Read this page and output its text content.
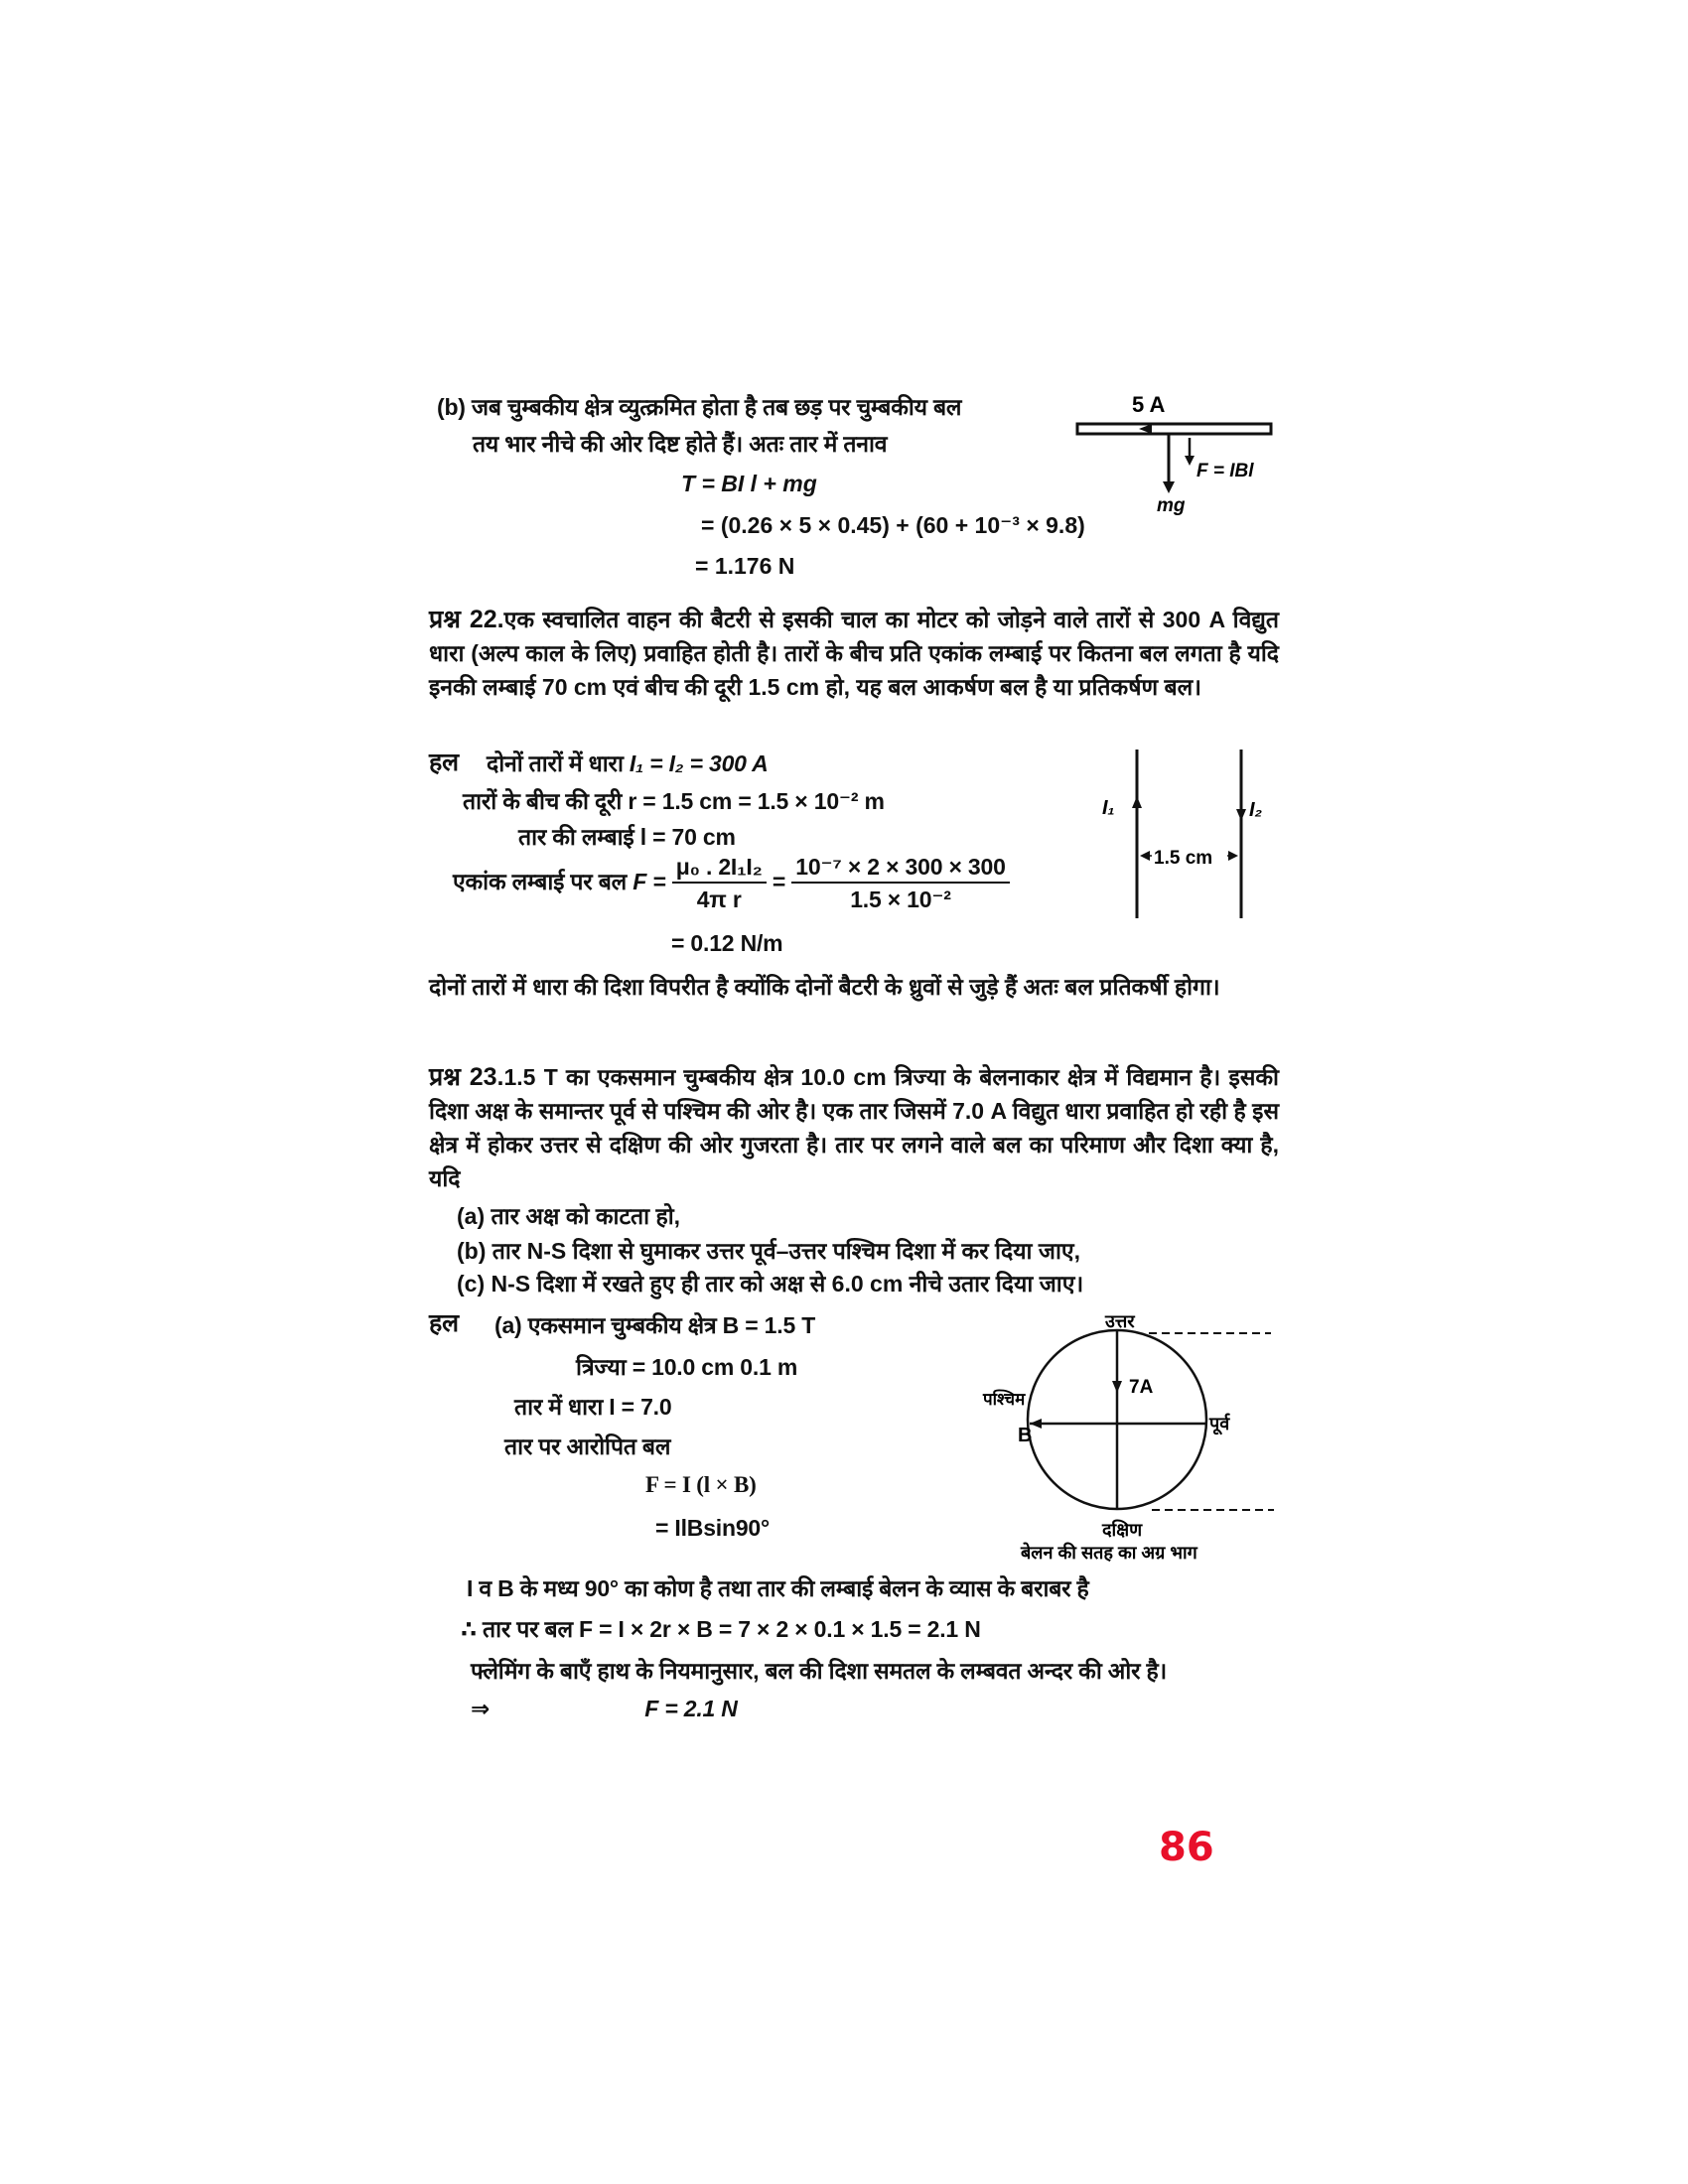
(b) जब चुम्बकीय क्षेत्र व्युत्क्रमित होता है तब छड़ पर चुम्बकीय बल
तय भार नीचे की ओर दिष्ट होते हैं। अतः तार में तनाव
T = BI l + mg
= (0.26 × 5 × 0.45) + (60 + 10⁻³ × 9.8)
= 1.176 N
5 A
F = IBl
mg
प्रश्न 22.एक स्वचालित वाहन की बैटरी से इसकी चाल का मोटर को जोड़ने वाले तारों से 300 A विद्युत धारा (अल्प काल के लिए) प्रवाहित होती है। तारों के बीच प्रति एकांक लम्बाई पर कितना बल लगता है यदि इनकी लम्बाई 70 cm एवं बीच की दूरी 1.5 cm हो, यह बल आकर्षण बल है या प्रतिकर्षण बल।
हल दोनों तारों में धारा I₁ = I₂ = 300 A
तारों के बीच की दूरी r = 1.5 cm = 1.5 × 10⁻² m
तार की लम्बाई l = 70 cm
एकांक लम्बाई पर बल $F = \frac{\text{μ₀ . 2I₁I₂}}{\text{4π r}} = \frac{\text{10⁻⁷ × 2 × 300 × 300}}{\text{1.5 × 10⁻²}}$
= 0.12 N/m
I₁	I₂
1.5 cm
दोनों तारों में धारा की दिशा विपरीत है क्योंकि दोनों बैटरी के ध्रुवों से जुड़े हैं अतः बल प्रतिकर्षी होगा।
प्रश्न 23.1.5 T का एकसमान चुम्बकीय क्षेत्र 10.0 cm त्रिज्या के बेलनाकार क्षेत्र में विद्यमान है। इसकी दिशा अक्ष के समान्तर पूर्व से पश्चिम की ओर है। एक तार जिसमें 7.0 A विद्युत धारा प्रवाहित हो रही है इस क्षेत्र में होकर उत्तर से दक्षिण की ओर गुजरता है। तार पर लगने वाले बल का परिमाण और दिशा क्या है, यदि
(a) तार अक्ष को काटता हो,
(b) तार N-S दिशा से घुमाकर उत्तर पूर्व–उत्तर पश्चिम दिशा में कर दिया जाए,
(c) N-S दिशा में रखते हुए ही तार को अक्ष से 6.0 cm नीचे उतार दिया जाए।
हल (a) एकसमान चुम्बकीय क्षेत्र B = 1.5 T
त्रिज्या = 10.0 cm 0.1 m
तार में धारा I = 7.0
तार पर आरोपित बल
F = I (l × B)
= IlBsin90°
उत्तर
7A
पश्चिम
B
पूर्व
दक्षिण
बेलन की सतह का अग्र भाग
I व B के मध्य 90° का कोण है तथा तार की लम्बाई बेलन के व्यास के बराबर है
∴ तार पर बल F = I × 2r × B = 7 × 2 × 0.1 × 1.5 = 2.1 N
फ्लेमिंग के बाएँ हाथ के नियमानुसार, बल की दिशा समतल के लम्बवत अन्दर की ओर है।
⇒	F = 2.1 N
86
